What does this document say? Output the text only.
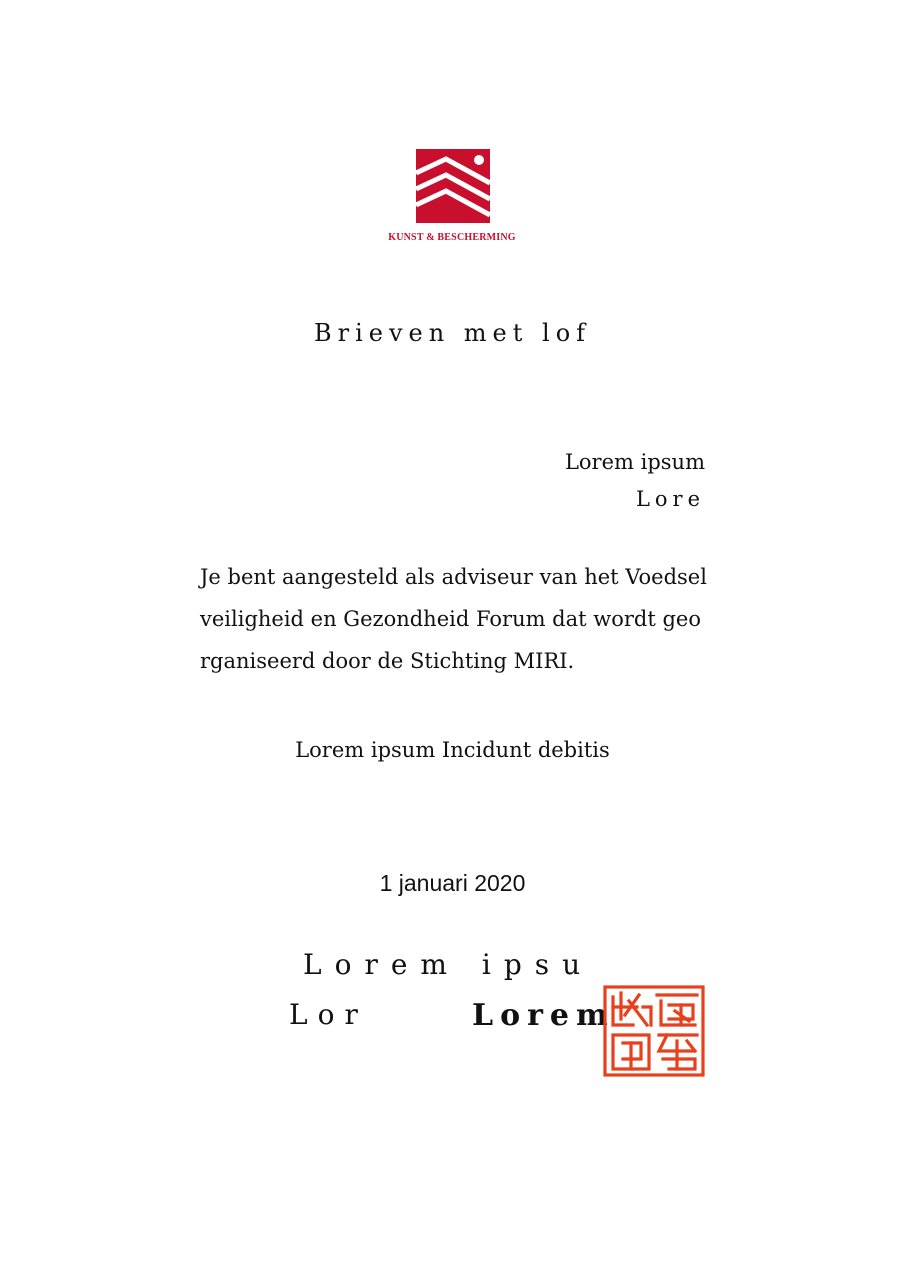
KUNST & BESCHERMING
Brieven met lof
Lorem ipsum
Lore
Je bent aangesteld als adviseur van het Voedselveiligheid en Gezondheid Forum dat wordt georganiseerd door de Stichting MIRI.
Lorem ipsum Incidunt debitis
1 januari 2020
Lorem ipsu
Lor	Lorem
